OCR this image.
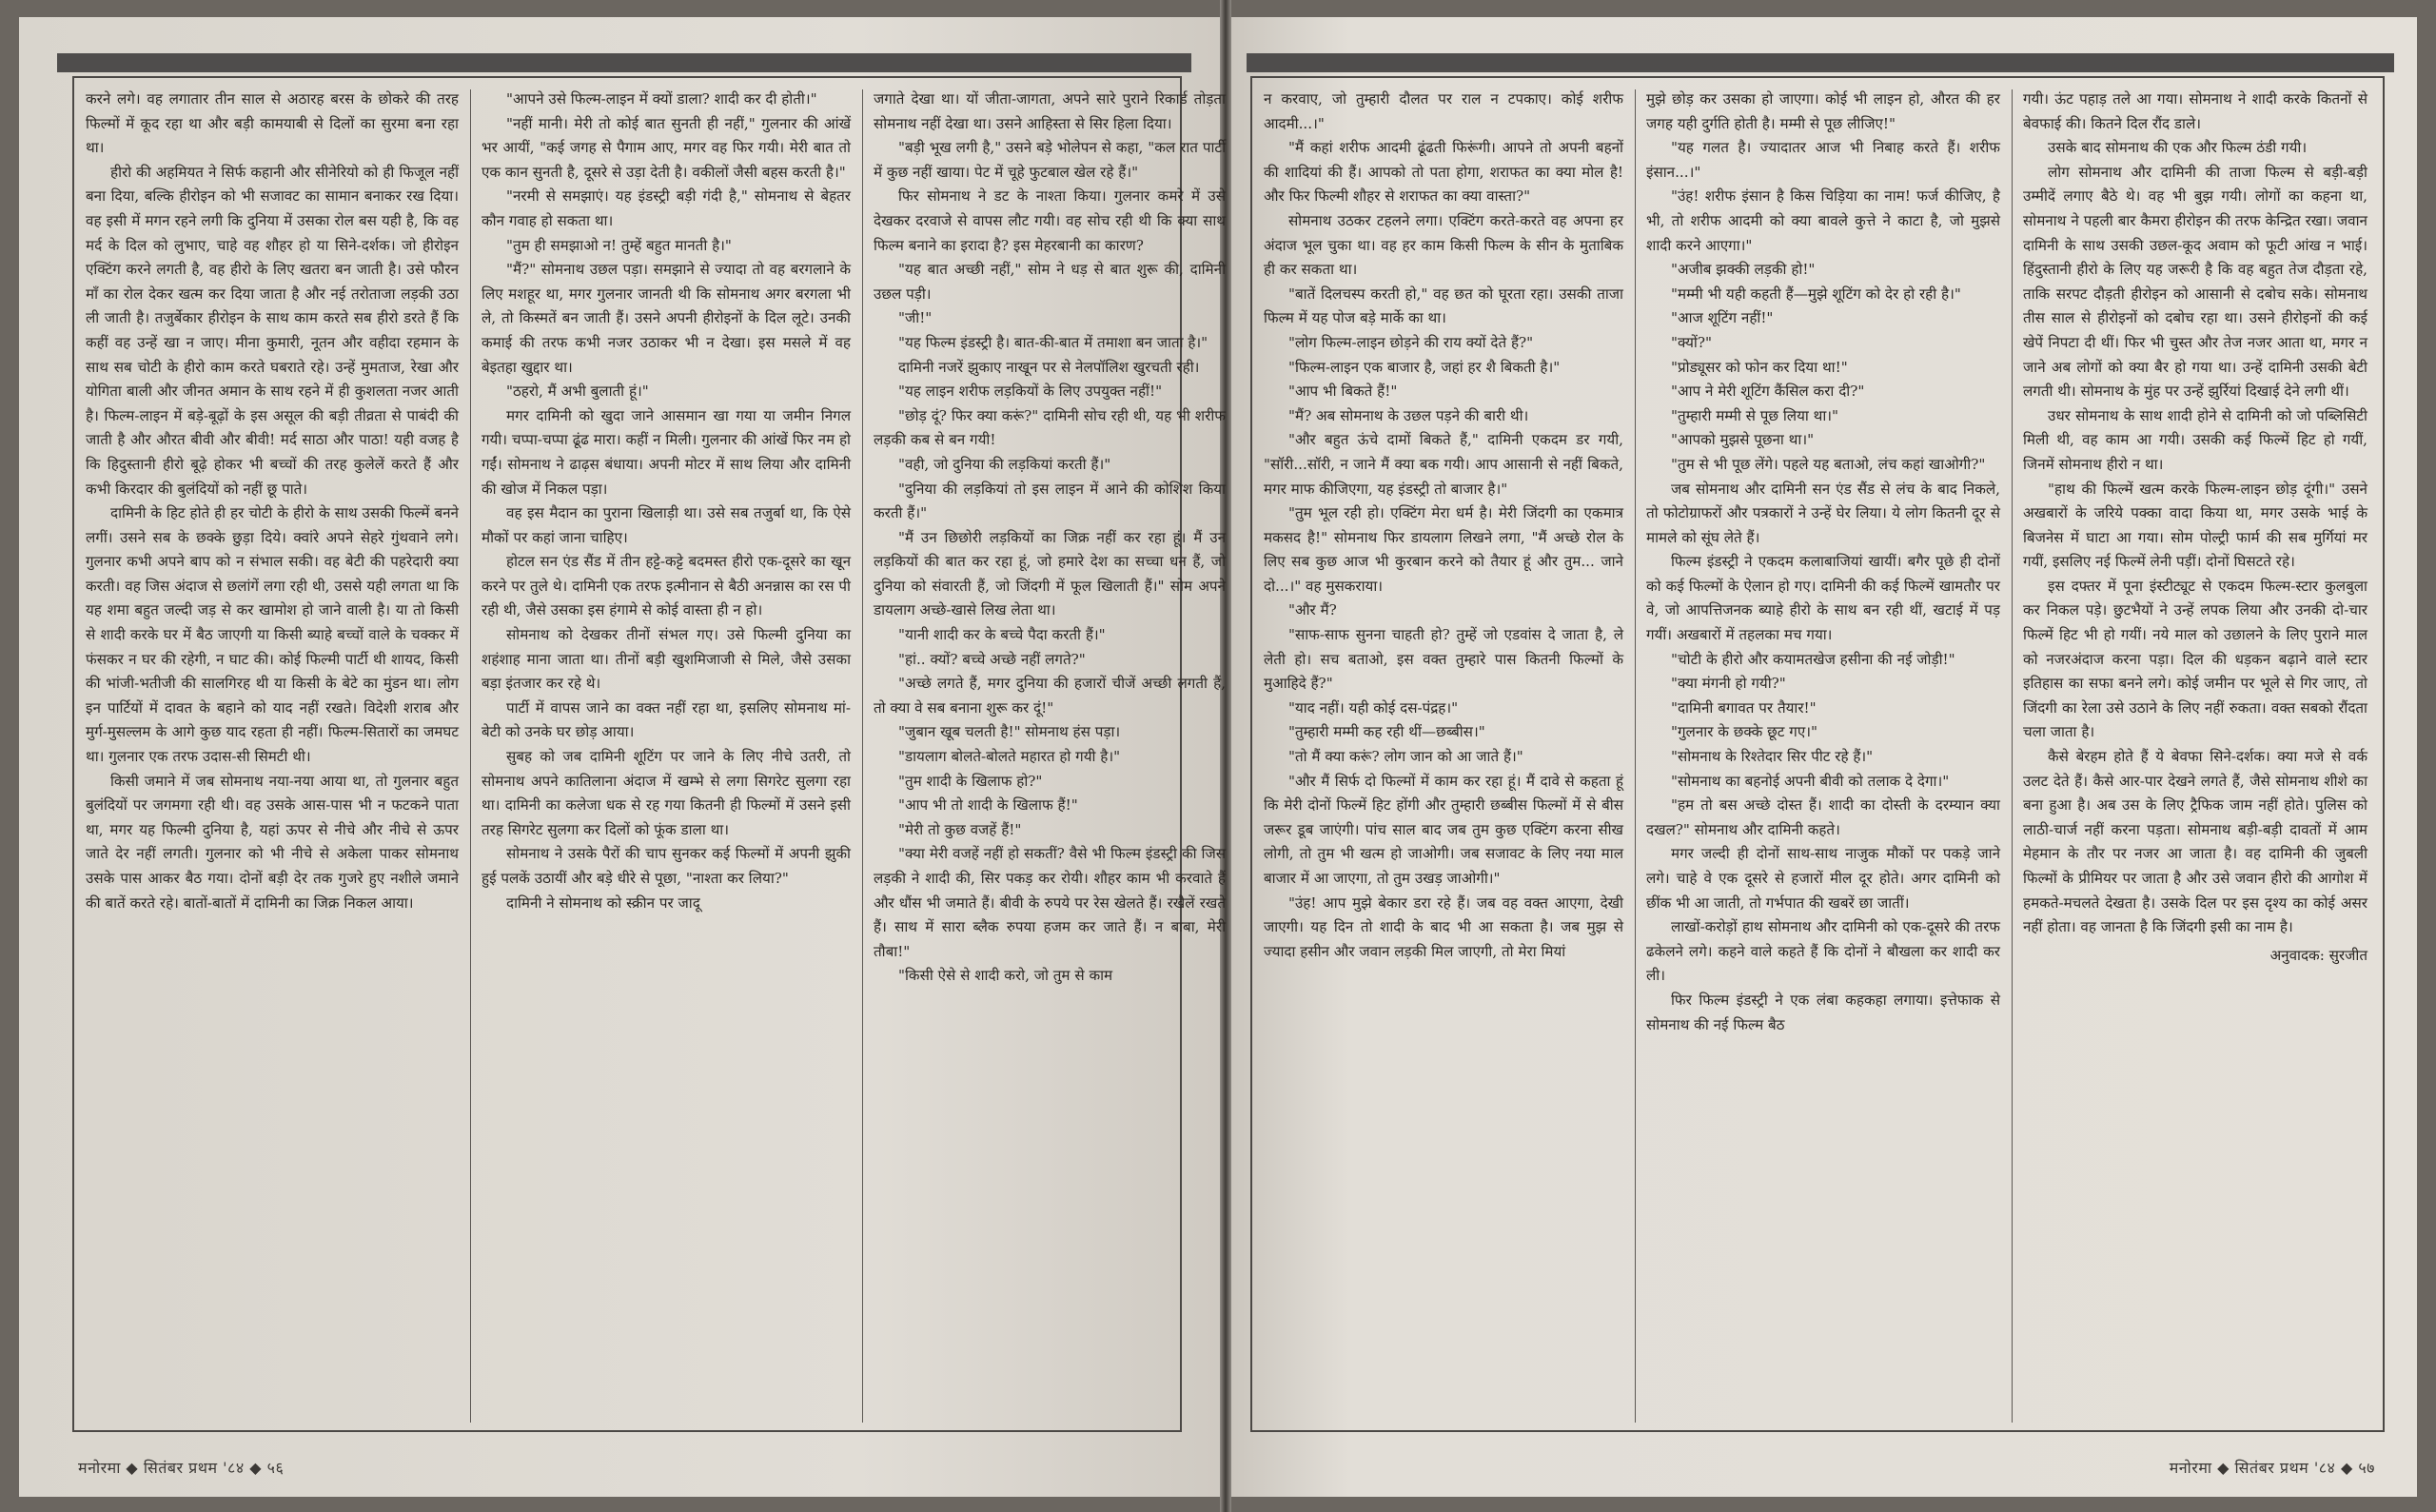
करने लगे। वह लगातार तीन साल से अठारह बरस के छोकरे की तरह फिल्मों में कूद रहा था और बड़ी कामयाबी से दिलों का सुरमा बना रहा था।

हीरो की अहमियत ने सिर्फ कहानी और सीनेरियो को ही फिजूल नहीं बना दिया, बल्कि हीरोइन को भी सजावट का सामान बनाकर रख दिया। वह इसी में मगन रहने लगी कि दुनिया में उसका रोल बस यही है, कि वह मर्द के दिल को लुभाए, चाहे वह शौहर हो या सिने-दर्शक। जो हीरोइन एक्टिंग करने लगती है, वह हीरो के लिए खतरा बन जाती है। उसे फौरन माँ का रोल देकर खत्म कर दिया जाता है और नई तरोताजा लड़की उठा ली जाती है। तजुर्बेकार हीरोइन के साथ काम करते सब हीरो डरते हैं कि कहीं वह उन्हें खा न जाए। मीना कुमारी, नूतन और वहीदा रहमान के साथ सब चोटी के हीरो काम करते घबराते रहे। उन्हें मुमताज, रेखा और योगिता बाली और जीनत अमान के साथ रहने में ही कुशलता नजर आती है। फिल्म-लाइन में बड़े-बूढ़ों के इस असूल की बड़ी तीव्रता से पाबंदी की जाती है और औरत बीवी और बीवी! मर्द साठा और पाठा! यही वजह है कि हिदुस्तानी हीरो बूढ़े होकर भी बच्चों की तरह कुलेलें करते हैं और कभी किरदार की बुलंदियों को नहीं छू पाते।

दामिनी के हिट होते ही हर चोटी के हीरो के साथ उसकी फिल्में बनने लगीं। उसने सब के छक्के छुड़ा दिये। क्वांरे अपने सेहरे गुंथवाने लगे। गुलनार कभी अपने बाप को न संभाल सकी। वह बेटी की पहरेदारी क्या करती। वह जिस अंदाज से छलांगें लगा रही थी, उससे यही लगता था कि यह शमा बहुत जल्दी जड़ से कर खामोश हो जाने वाली है। या तो किसी से शादी करके घर में बैठ जाएगी या किसी ब्याहे बच्चों वाले के चक्कर में फंसकर न घर की रहेगी, न घाट की। कोई फिल्मी पार्टी थी शायद, किसी की भांजी-भतीजी की सालगिरह थी या किसी के बेटे का मुंडन था। लोग इन पार्टियों में दावत के बहाने को याद नहीं रखते। विदेशी शराब और मुर्ग-मुसल्लम के आगे कुछ याद रहता ही नहीं। फिल्म-सितारों का जमघट था। गुलनार एक तरफ उदास-सी सिमटी थी।

किसी जमाने में जब सोमनाथ नया-नया आया था, तो गुलनार बहुत बुलंदियों पर जगमगा रही थी। वह उसके आस-पास भी न फटकने पाता था, मगर यह फिल्मी दुनिया है, यहां ऊपर से नीचे और नीचे से ऊपर जाते देर नहीं लगती। गुलनार को भी नीचे से अकेला पाकर सोमनाथ उसके पास आकर बैठ गया। दोनों बड़ी देर तक गुजरे हुए नशीले जमाने की बातें करते रहे। बातों-बातों में दामिनी का जिक्र निकल आया।

"आपने उसे फिल्म-लाइन में क्यों डाला? शादी कर दी होती।"

"नहीं मानी। मेरी तो कोई बात सुनती ही नहीं," गुलनार की आंखें भर आयीं, "कई जगह से पैगाम आए, मगर वह फिर गयी। मेरी बात तो एक कान सुनती है, दूसरे से उड़ा देती है। वकीलों जैसी बहस करती है।"

"नरमी से समझाएं। यह इंडस्ट्री बड़ी गंदी है," सोमनाथ से बेहतर कौन गवाह हो सकता था।

"तुम ही समझाओ न! तुम्हें बहुत मानती है।"

"मैं?" सोमनाथ उछल पड़ा। समझाने से ज्यादा तो वह बरगलाने के लिए मशहूर था, मगर गुलनार जानती थी कि सोमनाथ अगर बरगला भी ले, तो किस्मतें बन जाती हैं। उसने अपनी हीरोइनों के दिल लूटे। उनकी कमाई की तरफ कभी नजर उठाकर भी न देखा। इस मसले में वह बेइतहा खुद्दार था।

"ठहरो, मैं अभी बुलाती हूं।"

मगर दामिनी को खुदा जाने आसमान खा गया या जमीन निगल गयी। चप्पा-चप्पा ढूंढ मारा। कहीं न मिली। गुलनार की आंखें फिर नम हो गईं। सोमनाथ ने ढाढ़स बंधाया। अपनी मोटर में साथ लिया और दामिनी की खोज में निकल पड़ा।

वह इस मैदान का पुराना खिलाड़ी था। उसे सब तजुर्बा था, कि ऐसे मौकों पर कहां जाना चाहिए।

होटल सन एंड सैंड में तीन हट्टे-कट्टे बदमस्त हीरो एक-दूसरे का खून करने पर तुले थे। दामिनी एक तरफ इत्मीनान से बैठी अनन्नास का रस पी रही थी, जैसे उसका इस हंगामे से कोई वास्ता ही न हो।

सोमनाथ को देखकर तीनों संभल गए। उसे फिल्मी दुनिया का शहंशाह माना जाता था। तीनों बड़ी खुशमिजाजी से मिले, जैसे उसका बड़ा इंतजार कर रहे थे।

पार्टी में वापस जाने का वक्त नहीं रहा था, इसलिए सोमनाथ मां-बेटी को उनके घर छोड़ आया।

सुबह को जब दामिनी शूटिंग पर जाने के लिए नीचे उतरी, तो सोमनाथ अपने कातिलाना अंदाज में खम्भे से लगा सिगरेट सुलगा रहा था। दामिनी का कलेजा धक से रह गया कितनी ही फिल्मों में उसने इसी तरह सिगरेट सुलगा कर दिलों को फूंक डाला था।

सोमनाथ ने उसके पैरों की चाप सुनकर कई फिल्मों में अपनी झुकी हुई पलकें उठायीं और बड़े धीरे से पूछा, "नाश्ता कर लिया?"

दामिनी ने सोमनाथ को स्क्रीन पर जादू

जगाते देखा था। यों जीता-जागता, अपने सारे पुराने रिकार्ड तोड़ता सोमनाथ नहीं देखा था। उसने आहिस्ता से सिर हिला दिया।

"बड़ी भूख लगी है," उसने बड़े भोलेपन से कहा, "कल रात पार्टी में कुछ नहीं खाया। पेट में चूहे फुटबाल खेल रहे हैं।"

फिर सोमनाथ ने डट के नाश्ता किया। गुलनार कमरे में उसे देखकर दरवाजे से वापस लौट गयी। वह सोच रही थी कि क्या साथ फिल्म बनाने का इरादा है? इस मेहरबानी का कारण?

"यह बात अच्छी नहीं," सोम ने धड़ से बात शुरू की, दामिनी उछल पड़ी।

"जी!"

"यह फिल्म इंडस्ट्री है। बात-की-बात में तमाशा बन जाता है।"

दामिनी नजरें झुकाए नाखून पर से नेलपॉलिश खुरचती रही।

"यह लाइन शरीफ लड़कियों के लिए उपयुक्त नहीं!"

"छोड़ दूं? फिर क्या करूं?" दामिनी सोच रही थी, यह भी शरीफ लड़की कब से बन गयी!

"वही, जो दुनिया की लड़कियां करती हैं।"

"दुनिया की लड़कियां तो इस लाइन में आने की कोशिश किया करती हैं।"

"मैं उन छिछोरी लड़कियों का जिक्र नहीं कर रहा हूं। मैं उन लड़कियों की बात कर रहा हूं, जो हमारे देश का सच्चा धन हैं, जो दुनिया को संवारती हैं, जो जिंदगी में फूल खिलाती हैं।" सोम अपने डायलाग अच्छे-खासे लिख लेता था।

"यानी शादी कर के बच्चे पैदा करती हैं।"

"हां.. क्यों? बच्चे अच्छे नहीं लगते?"

"अच्छे लगते हैं, मगर दुनिया की हजारों चीजें अच्छी लगती हैं, तो क्या वे सब बनाना शुरू कर दूं!"

"जुबान खूब चलती है!" सोमनाथ हंस पड़ा।

"डायलाग बोलते-बोलते महारत हो गयी है।"

"तुम शादी के खिलाफ हो?"

"आप भी तो शादी के खिलाफ हैं!"

"मेरी तो कुछ वजहें हैं!"

"क्या मेरी वजहें नहीं हो सकतीं? वैसे भी फिल्म इंडस्ट्री की जिस लड़की ने शादी की, सिर पकड़ कर रोयी। शौहर काम भी करवाते हैं और धौंस भी जमाते हैं। बीवी के रुपये पर रेस खेलते हैं। रखैलें रखते हैं। साथ में सारा ब्लैक रुपया हजम कर जाते हैं। न बाबा, मेरी तौबा!"

"किसी ऐसे से शादी करो, जो तुम से काम

मनोरमा ◆ सितंबर प्रथम '८४ ◆ ५६

न करवाए, जो तुम्हारी दौलत पर राल न टपकाए। कोई शरीफ आदमी...।"

"मैं कहां शरीफ आदमी ढूंढती फिरूंगी। आपने तो अपनी बहनों की शादियां की हैं। आपको तो पता होगा, शराफत का क्या मोल है! और फिर फिल्मी शौहर से शराफत का क्या वास्ता?"

सोमनाथ उठकर टहलने लगा। एक्टिंग करते-करते वह अपना हर अंदाज भूल चुका था। वह हर काम किसी फिल्म के सीन के मुताबिक ही कर सकता था।

"बातें दिलचस्प करती हो," वह छत को घूरता रहा। उसकी ताजा फिल्म में यह पोज बड़े मार्के का था।

"लोग फिल्म-लाइन छोड़ने की राय क्यों देते हैं?"

"फिल्म-लाइन एक बाजार है, जहां हर शै बिकती है।"

"आप भी बिकते हैं!"

"मैं? अब सोमनाथ के उछल पड़ने की बारी थी।

"और बहुत ऊंचे दामों बिकते हैं," दामिनी एकदम डर गयी, "सॉरी...सॉरी, न जाने मैं क्या बक गयी। आप आसानी से नहीं बिकते, मगर माफ कीजिएगा, यह इंडस्ट्री तो बाजार है।"

"तुम भूल रही हो। एक्टिंग मेरा धर्म है। मेरी जिंदगी का एकमात्र मकसद है!" सोमनाथ फिर डायलाग लिखने लगा, "मैं अच्छे रोल के लिए सब कुछ आज भी कुरबान करने को तैयार हूं और तुम... जाने दो...।" वह मुसकराया।

"और मैं?

"साफ-साफ सुनना चाहती हो? तुम्हें जो एडवांस दे जाता है, ले लेती हो। सच बताओ, इस वक्त तुम्हारे पास कितनी फिल्मों के मुआहिदे हैं?"

"याद नहीं। यही कोई दस-पंद्रह।"

"तुम्हारी मम्मी कह रही थीं—छब्बीस।"

"तो मैं क्या करूं? लोग जान को आ जाते हैं।"

"और मैं सिर्फ दो फिल्मों में काम कर रहा हूं। मैं दावे से कहता हूं कि मेरी दोनों फिल्में हिट होंगी और तुम्हारी छब्बीस फिल्मों में से बीस जरूर डूब जाएंगी। पांच साल बाद जब तुम कुछ एक्टिंग करना सीख लोगी, तो तुम भी खत्म हो जाओगी। जब सजावट के लिए नया माल बाजार में आ जाएगा, तो तुम उखड़ जाओगी।"

"उंह! आप मुझे बेकार डरा रहे हैं। जब वह वक्त आएगा, देखी जाएगी। यह दिन तो शादी के बाद भी आ सकता है। जब मुझ से ज्यादा हसीन और जवान लड़की मिल जाएगी, तो मेरा मियां

मुझे छोड़ कर उसका हो जाएगा। कोई भी लाइन हो, औरत की हर जगह यही दुर्गति होती है। मम्मी से पूछ लीजिए!"

"यह गलत है। ज्यादातर आज भी निबाह करते हैं। शरीफ इंसान...।"

"उंह! शरीफ इंसान है किस चिड़िया का नाम! फर्ज कीजिए, है भी, तो शरीफ आदमी को क्या बावले कुत्ते ने काटा है, जो मुझसे शादी करने आएगा।"

"अजीब झक्की लड़की हो!"

"मम्मी भी यही कहती हैं—मुझे शूटिंग को देर हो रही है।"

"आज शूटिंग नहीं!"

"क्यों?"

"प्रोड्यूसर को फोन कर दिया था!"

"आप ने मेरी शूटिंग कैंसिल करा दी?"

"तुम्हारी मम्मी से पूछ लिया था।"

"आपको मुझसे पूछना था।"

"तुम से भी पूछ लेंगे। पहले यह बताओ, लंच कहां खाओगी?"

जब सोमनाथ और दामिनी सन एंड सैंड से लंच के बाद निकले, तो फोटोग्राफरों और पत्रकारों ने उन्हें घेर लिया। ये लोग कितनी दूर से मामले को सूंघ लेते हैं।

फिल्म इंडस्ट्री ने एकदम कलाबाजियां खायीं। बगैर पूछे ही दोनों को कई फिल्मों के ऐलान हो गए। दामिनी की कई फिल्में खामतौर पर वे, जो आपत्तिजनक ब्याहे हीरो के साथ बन रही थीं, खटाई में पड़ गयीं। अखबारों में तहलका मच गया।

"चोटी के हीरो और कयामतखेज हसीना की नई जोड़ी!"

"क्या मंगनी हो गयी?"

"दामिनी बगावत पर तैयार!"

"गुलनार के छक्के छूट गए।"

"सोमनाथ के रिश्तेदार सिर पीट रहे हैं।"

"सोमनाथ का बहनोई अपनी बीवी को तलाक दे देगा।"

"हम तो बस अच्छे दोस्त हैं। शादी का दोस्ती के दरम्यान क्या दखल?" सोमनाथ और दामिनी कहते।

मगर जल्दी ही दोनों साथ-साथ नाजुक मौकों पर पकड़े जाने लगे। चाहे वे एक दूसरे से हजारों मील दूर होते। अगर दामिनी को छींक भी आ जाती, तो गर्भपात की खबरें छा जातीं।

लाखों-करोड़ों हाथ सोमनाथ और दामिनी को एक-दूसरे की तरफ ढकेलने लगे। कहने वाले कहते हैं कि दोनों ने बौखला कर शादी कर ली।

फिर फिल्म इंडस्ट्री ने एक लंबा कहकहा लगाया। इत्तेफाक से सोमनाथ की नई फिल्म बैठ

गयी। ऊंट पहाड़ तले आ गया। सोमनाथ ने शादी करके कितनों से बेवफाई की। कितने दिल रौंद डाले।

उसके बाद सोमनाथ की एक और फिल्म ठंडी गयी।

लोग सोमनाथ और दामिनी की ताजा फिल्म से बड़ी-बड़ी उम्मीदें लगाए बैठे थे। वह भी बुझ गयी। लोगों का कहना था, सोमनाथ ने पहली बार कैमरा हीरोइन की तरफ केन्द्रित रखा। जवान दामिनी के साथ उसकी उछल-कूद अवाम को फूटी आंख न भाई। हिंदुस्तानी हीरो के लिए यह जरूरी है कि वह बहुत तेज दौड़ता रहे, ताकि सरपट दौड़ती हीरोइन को आसानी से दबोच सके। सोमनाथ तीस साल से हीरोइनों को दबोच रहा था। उसने हीरोइनों की कई खेपें निपटा दी थीं। फिर भी चुस्त और तेज नजर आता था, मगर न जाने अब लोगों को क्या बैर हो गया था। उन्हें दामिनी उसकी बेटी लगती थी। सोमनाथ के मुंह पर उन्हें झुर्रियां दिखाई देने लगी थीं।

उधर सोमनाथ के साथ शादी होने से दामिनी को जो पब्लिसिटी मिली थी, वह काम आ गयी। उसकी कई फिल्में हिट हो गयीं, जिनमें सोमनाथ हीरो न था।

"हाथ की फिल्में खत्म करके फिल्म-लाइन छोड़ दूंगी।" उसने अखबारों के जरिये पक्का वादा किया था, मगर उसके भाई के बिजनेस में घाटा आ गया। सोम पोल्ट्री फार्म की सब मुर्गियां मर गयीं, इसलिए नई फिल्में लेनी पड़ीं। दोनों घिसटते रहे।

इस दफ्तर में पूना इंस्टीट्यूट से एकदम फिल्म-स्टार कुलबुला कर निकल पड़े। छुटभैयों ने उन्हें लपक लिया और उनकी दो-चार फिल्में हिट भी हो गयीं। नये माल को उछालने के लिए पुराने माल को नजरअंदाज करना पड़ा। दिल की धड़कन बढ़ाने वाले स्टार इतिहास का सफा बनने लगे। कोई जमीन पर भूले से गिर जाए, तो जिंदगी का रेला उसे उठाने के लिए नहीं रुकता। वक्त सबको रौंदता चला जाता है।

कैसे बेरहम होते हैं ये बेवफा सिने-दर्शक। क्या मजे से वर्क उलट देते हैं। कैसे आर-पार देखने लगते हैं, जैसे सोमनाथ शीशे का बना हुआ है। अब उस के लिए ट्रैफिक जाम नहीं होते। पुलिस को लाठी-चार्ज नहीं करना पड़ता। सोमनाथ बड़ी-बड़ी दावतों में आम मेहमान के तौर पर नजर आ जाता है। वह दामिनी की जुबली फिल्मों के प्रीमियर पर जाता है और उसे जवान हीरो की आगोश में हमकते-मचलते देखता है। उसके दिल पर इस दृश्य का कोई असर नहीं होता। वह जानता है कि जिंदगी इसी का नाम है।

अनुवादक: सुरजीत

मनोरमा ◆ सितंबर प्रथम '८४ ◆ ५७
